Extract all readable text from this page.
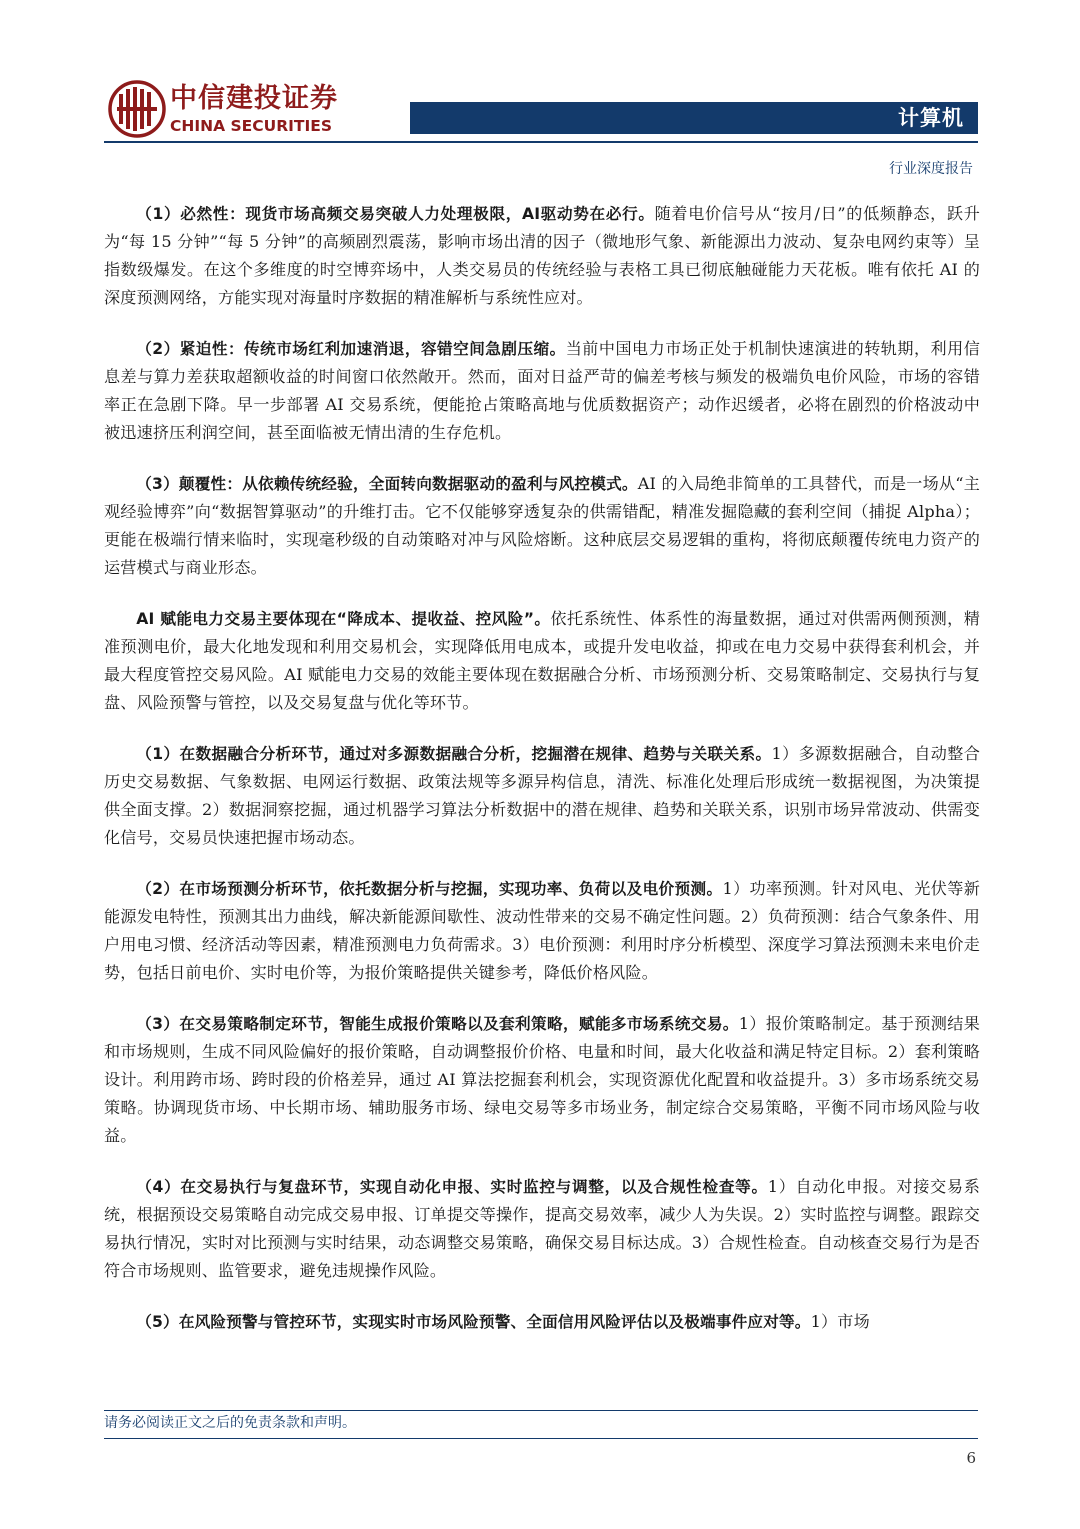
中信建投证券
CHINA SECURITIES	计算机
行业深度报告

（1）必然性：现货市场高频交易突破人力处理极限，AI驱动势在必行。随着电价信号从“按月/日”的低频静态，跃升为“每 15 分钟”“每 5 分钟”的高频剧烈震荡，影响市场出清的因子（微地形气象、新能源出力波动、复杂电网约束等）呈指数级爆发。在这个多维度的时空博弈场中，人类交易员的传统经验与表格工具已彻底触碰能力天花板。唯有依托 AI 的深度预测网络，方能实现对海量时序数据的精准解析与系统性应对。

（2）紧迫性：传统市场红利加速消退，容错空间急剧压缩。当前中国电力市场正处于机制快速演进的转轨期，利用信息差与算力差获取超额收益的时间窗口依然敞开。然而，面对日益严苛的偏差考核与频发的极端负电价风险，市场的容错率正在急剧下降。早一步部署 AI 交易系统，便能抢占策略高地与优质数据资产；动作迟缓者，必将在剧烈的价格波动中被迅速挤压利润空间，甚至面临被无情出清的生存危机。

（3）颠覆性：从依赖传统经验，全面转向数据驱动的盈利与风控模式。AI 的入局绝非简单的工具替代，而是一场从“主观经验博弈”向“数据智算驱动”的升维打击。它不仅能够穿透复杂的供需错配，精准发掘隐藏的套利空间（捕捉 Alpha）；更能在极端行情来临时，实现毫秒级的自动策略对冲与风险熔断。这种底层交易逻辑的重构，将彻底颠覆传统电力资产的运营模式与商业形态。

AI 赋能电力交易主要体现在“降成本、提收益、控风险”。依托系统性、体系性的海量数据，通过对供需两侧预测，精准预测电价，最大化地发现和利用交易机会，实现降低用电成本，或提升发电收益，抑或在电力交易中获得套利机会，并最大程度管控交易风险。AI 赋能电力交易的效能主要体现在数据融合分析、市场预测分析、交易策略制定、交易执行与复盘、风险预警与管控，以及交易复盘与优化等环节。

（1）在数据融合分析环节，通过对多源数据融合分析，挖掘潜在规律、趋势与关联关系。1）多源数据融合，自动整合历史交易数据、气象数据、电网运行数据、政策法规等多源异构信息，清洗、标准化处理后形成统一数据视图，为决策提供全面支撑。2）数据洞察挖掘，通过机器学习算法分析数据中的潜在规律、趋势和关联关系，识别市场异常波动、供需变化信号，交易员快速把握市场动态。

（2）在市场预测分析环节，依托数据分析与挖掘，实现功率、负荷以及电价预测。1）功率预测。针对风电、光伏等新能源发电特性，预测其出力曲线，解决新能源间歇性、波动性带来的交易不确定性问题。2）负荷预测：结合气象条件、用户用电习惯、经济活动等因素，精准预测电力负荷需求。3）电价预测：利用时序分析模型、深度学习算法预测未来电价走势，包括日前电价、实时电价等，为报价策略提供关键参考，降低价格风险。

（3）在交易策略制定环节，智能生成报价策略以及套利策略，赋能多市场系统交易。1）报价策略制定。基于预测结果和市场规则，生成不同风险偏好的报价策略，自动调整报价价格、电量和时间，最大化收益和满足特定目标。2）套利策略设计。利用跨市场、跨时段的价格差异，通过 AI 算法挖掘套利机会，实现资源优化配置和收益提升。3）多市场系统交易策略。协调现货市场、中长期市场、辅助服务市场、绿电交易等多市场业务，制定综合交易策略，平衡不同市场风险与收益。

（4）在交易执行与复盘环节，实现自动化申报、实时监控与调整，以及合规性检查等。1）自动化申报。对接交易系统，根据预设交易策略自动完成交易申报、订单提交等操作，提高交易效率，减少人为失误。2）实时监控与调整。跟踪交易执行情况，实时对比预测与实时结果，动态调整交易策略，确保交易目标达成。3）合规性检查。自动核查交易行为是否符合市场规则、监管要求，避免违规操作风险。

（5）在风险预警与管控环节，实现实时市场风险预警、全面信用风险评估以及极端事件应对等。1）市场

请务必阅读正文之后的免责条款和声明。
6
